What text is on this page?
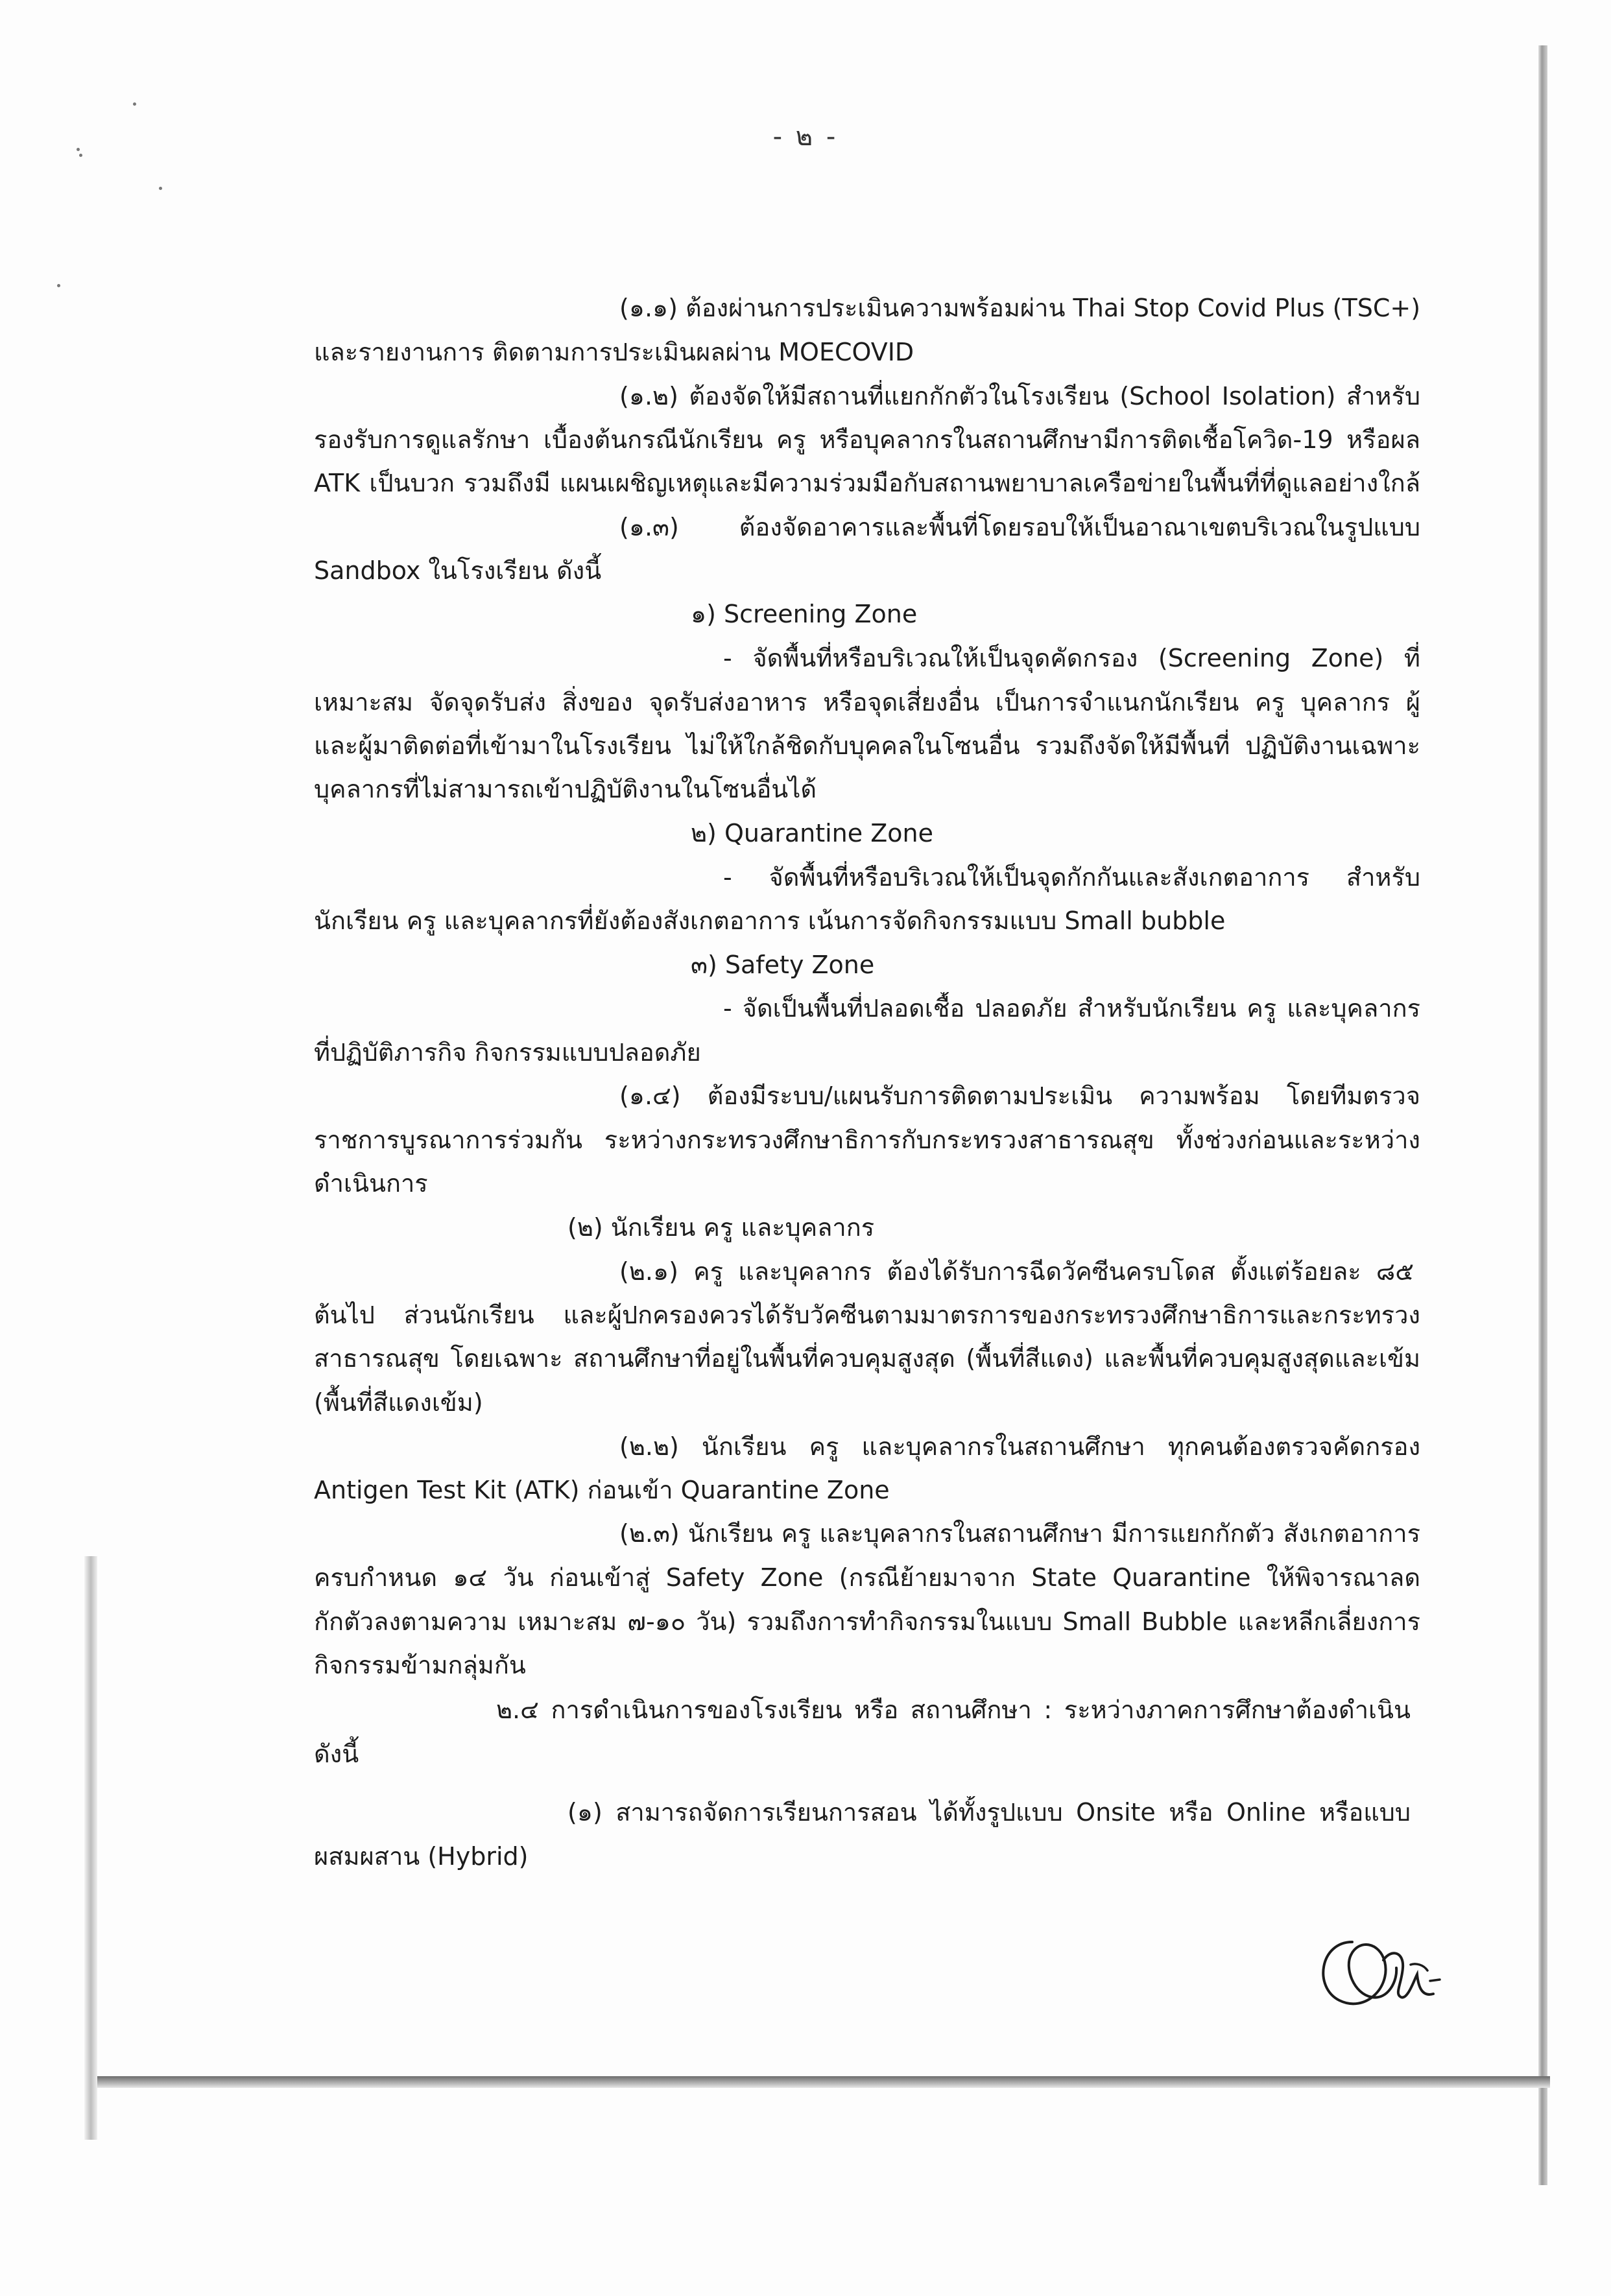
- ๒ -
(๑.๑) ต้องผ่านการประเมินความพร้อมผ่าน Thai Stop Covid Plus (TSC+)
และรายงานการ ติดตามการประเมินผลผ่าน MOECOVID
(๑.๒) ต้องจัดให้มีสถานที่แยกกักตัวในโรงเรียน (School Isolation) สำหรับ
รองรับการดูแลรักษา เบื้องต้นกรณีนักเรียน ครู หรือบุคลากรในสถานศึกษามีการติดเชื้อโควิด-19 หรือผล
ATK เป็นบวก รวมถึงมี แผนเผชิญเหตุและมีความร่วมมือกับสถานพยาบาลเครือข่ายในพื้นที่ที่ดูแลอย่างใกล้
(๑.๓) ต้องจัดอาคารและพื้นที่โดยรอบให้เป็นอาณาเขตบริเวณในรูปแบบ
Sandbox ในโรงเรียน ดังนี้
๑) Screening Zone
- จัดพื้นที่หรือบริเวณให้เป็นจุดคัดกรอง (Screening Zone) ที่
เหมาะสม จัดจุดรับส่ง สิ่งของ จุดรับส่งอาหาร หรือจุดเสี่ยงอื่น เป็นการจำแนกนักเรียน ครู บุคลากร ผู้
และผู้มาติดต่อที่เข้ามาในโรงเรียน ไม่ให้ใกล้ชิดกับบุคคลในโซนอื่น รวมถึงจัดให้มีพื้นที่ ปฏิบัติงานเฉพาะ
บุคลากรที่ไม่สามารถเข้าปฏิบัติงานในโซนอื่นได้
๒) Quarantine Zone
- จัดพื้นที่หรือบริเวณให้เป็นจุดกักกันและสังเกตอาการ สำหรับ
นักเรียน ครู และบุคลากรที่ยังต้องสังเกตอาการ เน้นการจัดกิจกรรมแบบ Small bubble
๓) Safety Zone
- จัดเป็นพื้นที่ปลอดเชื้อ ปลอดภัย สำหรับนักเรียน ครู และบุคลากร
ที่ปฏิบัติภารกิจ กิจกรรมแบบปลอดภัย
(๑.๔) ต้องมีระบบ/แผนรับการติดตามประเมิน ความพร้อม โดยทีมตรวจ
ราชการบูรณาการร่วมกัน ระหว่างกระทรวงศึกษาธิการกับกระทรวงสาธารณสุข ทั้งช่วงก่อนและระหว่าง
ดำเนินการ
(๒) นักเรียน ครู และบุคลากร
(๒.๑) ครู และบุคลากร ต้องได้รับการฉีดวัคซีนครบโดส ตั้งแต่ร้อยละ ๘๕
ต้นไป ส่วนนักเรียน และผู้ปกครองควรได้รับวัคซีนตามมาตรการของกระทรวงศึกษาธิการและกระทรวง
สาธารณสุข โดยเฉพาะ สถานศึกษาที่อยู่ในพื้นที่ควบคุมสูงสุด (พื้นที่สีแดง) และพื้นที่ควบคุมสูงสุดและเข้ม
(พื้นที่สีแดงเข้ม)
(๒.๒) นักเรียน ครู และบุคลากรในสถานศึกษา ทุกคนต้องตรวจคัดกรอง
Antigen Test Kit (ATK) ก่อนเข้า Quarantine Zone
(๒.๓) นักเรียน ครู และบุคลากรในสถานศึกษา มีการแยกกักตัว สังเกตอาการ
ครบกำหนด ๑๔ วัน ก่อนเข้าสู่ Safety Zone (กรณีย้ายมาจาก State Quarantine ให้พิจารณาลด
กักตัวลงตามความ เหมาะสม ๗-๑๐ วัน) รวมถึงการทำกิจกรรมในแบบ Small Bubble และหลีกเลี่ยงการ
กิจกรรมข้ามกลุ่มกัน
๒.๔ การดำเนินการของโรงเรียน หรือ สถานศึกษา : ระหว่างภาคการศึกษาต้องดำเนิน
ดังนี้
(๑) สามารถจัดการเรียนการสอน ได้ทั้งรูปแบบ Onsite หรือ Online หรือแบบ
ผสมผสาน (Hybrid)
